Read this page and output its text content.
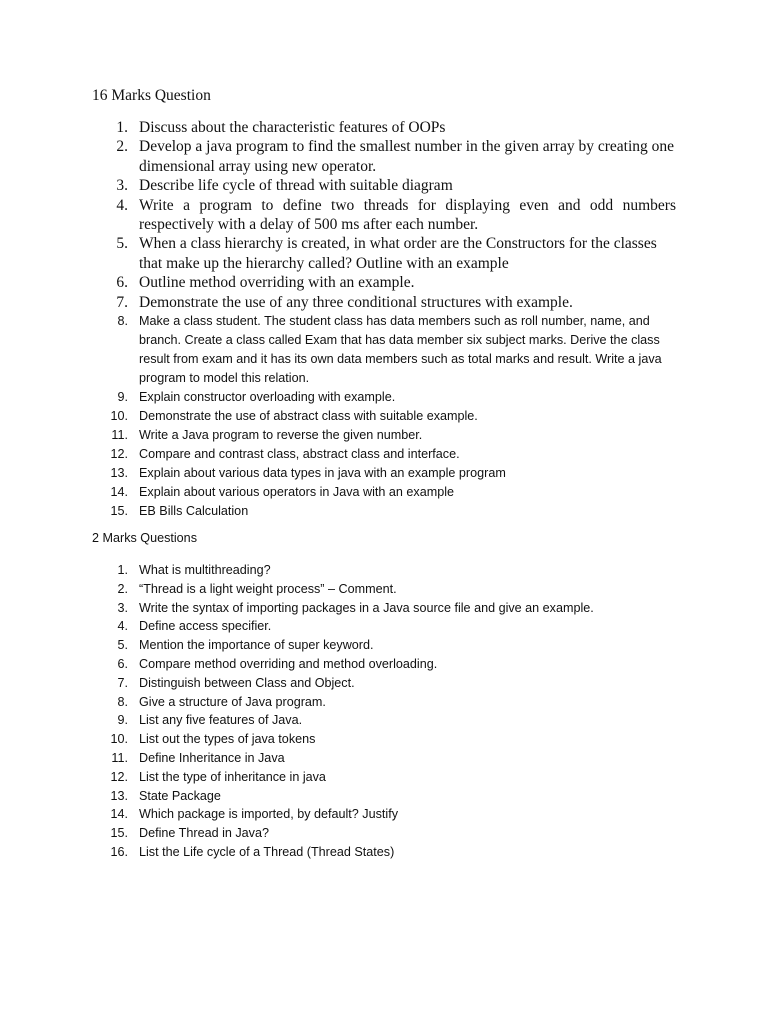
16 Marks Question
1. Discuss about the characteristic features of OOPs
2. Develop a java program to find the smallest number in the given array by creating one dimensional array using new operator.
3. Describe life cycle of thread with suitable diagram
4. Write a program to define two threads for displaying even and odd numbers respectively with a delay of 500 ms after each number.
5. When a class hierarchy is created, in what order are the Constructors for the classes that make up the hierarchy called? Outline with an example
6. Outline method overriding with an example.
7. Demonstrate the use of any three conditional structures with example.
8. Make a class student. The student class has data members such as roll number, name, and branch. Create a class called Exam that has data member six subject marks. Derive the class result from exam and it has its own data members such as total marks and result. Write a java program to model this relation.
9. Explain constructor overloading with example.
10. Demonstrate the use of abstract class with suitable example.
11. Write a Java program to reverse the given number.
12. Compare and contrast class, abstract class and interface.
13. Explain about various data types in java with an example program
14. Explain about various operators in Java with an example
15. EB Bills Calculation
2 Marks Questions
1. What is multithreading?
2. “Thread is a light weight process” – Comment.
3. Write the syntax of importing packages in a Java source file and give an example.
4. Define access specifier.
5. Mention the importance of super keyword.
6. Compare method overriding and method overloading.
7. Distinguish between Class and Object.
8. Give a structure of Java program.
9. List any five features of Java.
10. List out the types of java tokens
11. Define Inheritance in Java
12. List the type of inheritance in java
13. State Package
14. Which package is imported, by default? Justify
15. Define Thread in Java?
16. List the Life cycle of a Thread (Thread States)
